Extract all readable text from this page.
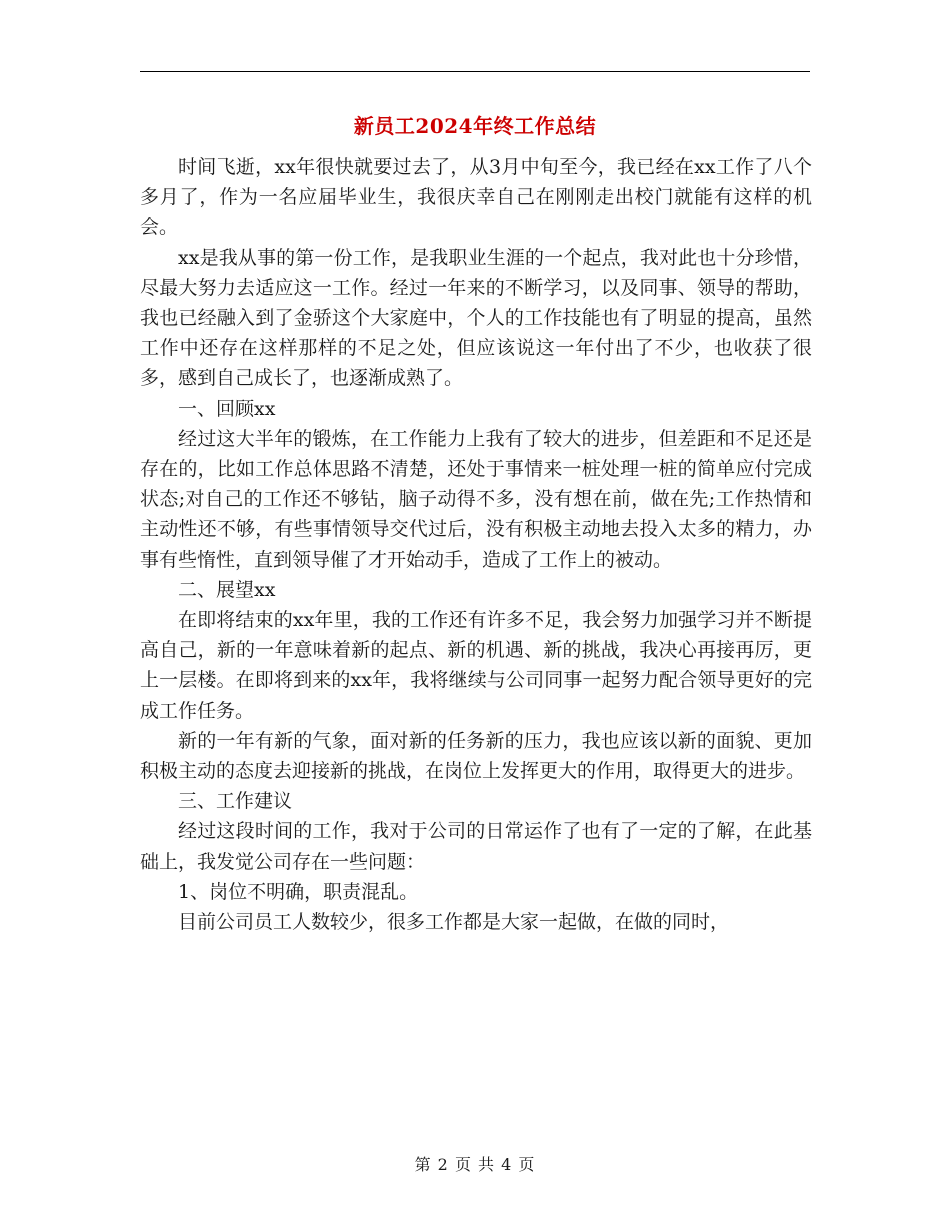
新员工2024年终工作总结

时间飞逝，xx年很快就要过去了，从3月中旬至今，我已经在xx工作了八个多月了，作为一名应届毕业生，我很庆幸自己在刚刚走出校门就能有这样的机会。

xx是我从事的第一份工作，是我职业生涯的一个起点，我对此也十分珍惜，尽最大努力去适应这一工作。经过一年来的不断学习，以及同事、领导的帮助，我也已经融入到了金骄这个大家庭中，个人的工作技能也有了明显的提高，虽然工作中还存在这样那样的不足之处，但应该说这一年付出了不少，也收获了很多，感到自己成长了，也逐渐成熟了。

一、回顾xx

经过这大半年的锻炼，在工作能力上我有了较大的进步，但差距和不足还是存在的，比如工作总体思路不清楚，还处于事情来一桩处理一桩的简单应付完成状态;对自己的工作还不够钻，脑子动得不多，没有想在前，做在先;工作热情和主动性还不够，有些事情领导交代过后，没有积极主动地去投入太多的精力，办事有些惰性，直到领导催了才开始动手，造成了工作上的被动。

二、展望xx

在即将结束的xx年里，我的工作还有许多不足，我会努力加强学习并不断提高自己，新的一年意味着新的起点、新的机遇、新的挑战，我决心再接再厉，更上一层楼。在即将到来的xx年，我将继续与公司同事一起努力配合领导更好的完成工作任务。

新的一年有新的气象，面对新的任务新的压力，我也应该以新的面貌、更加积极主动的态度去迎接新的挑战，在岗位上发挥更大的作用，取得更大的进步。

三、工作建议

经过这段时间的工作，我对于公司的日常运作了也有了一定的了解，在此基础上，我发觉公司存在一些问题：

1、岗位不明确，职责混乱。

目前公司员工人数较少，很多工作都是大家一起做，在做的同时，

第 2 页 共 4 页
